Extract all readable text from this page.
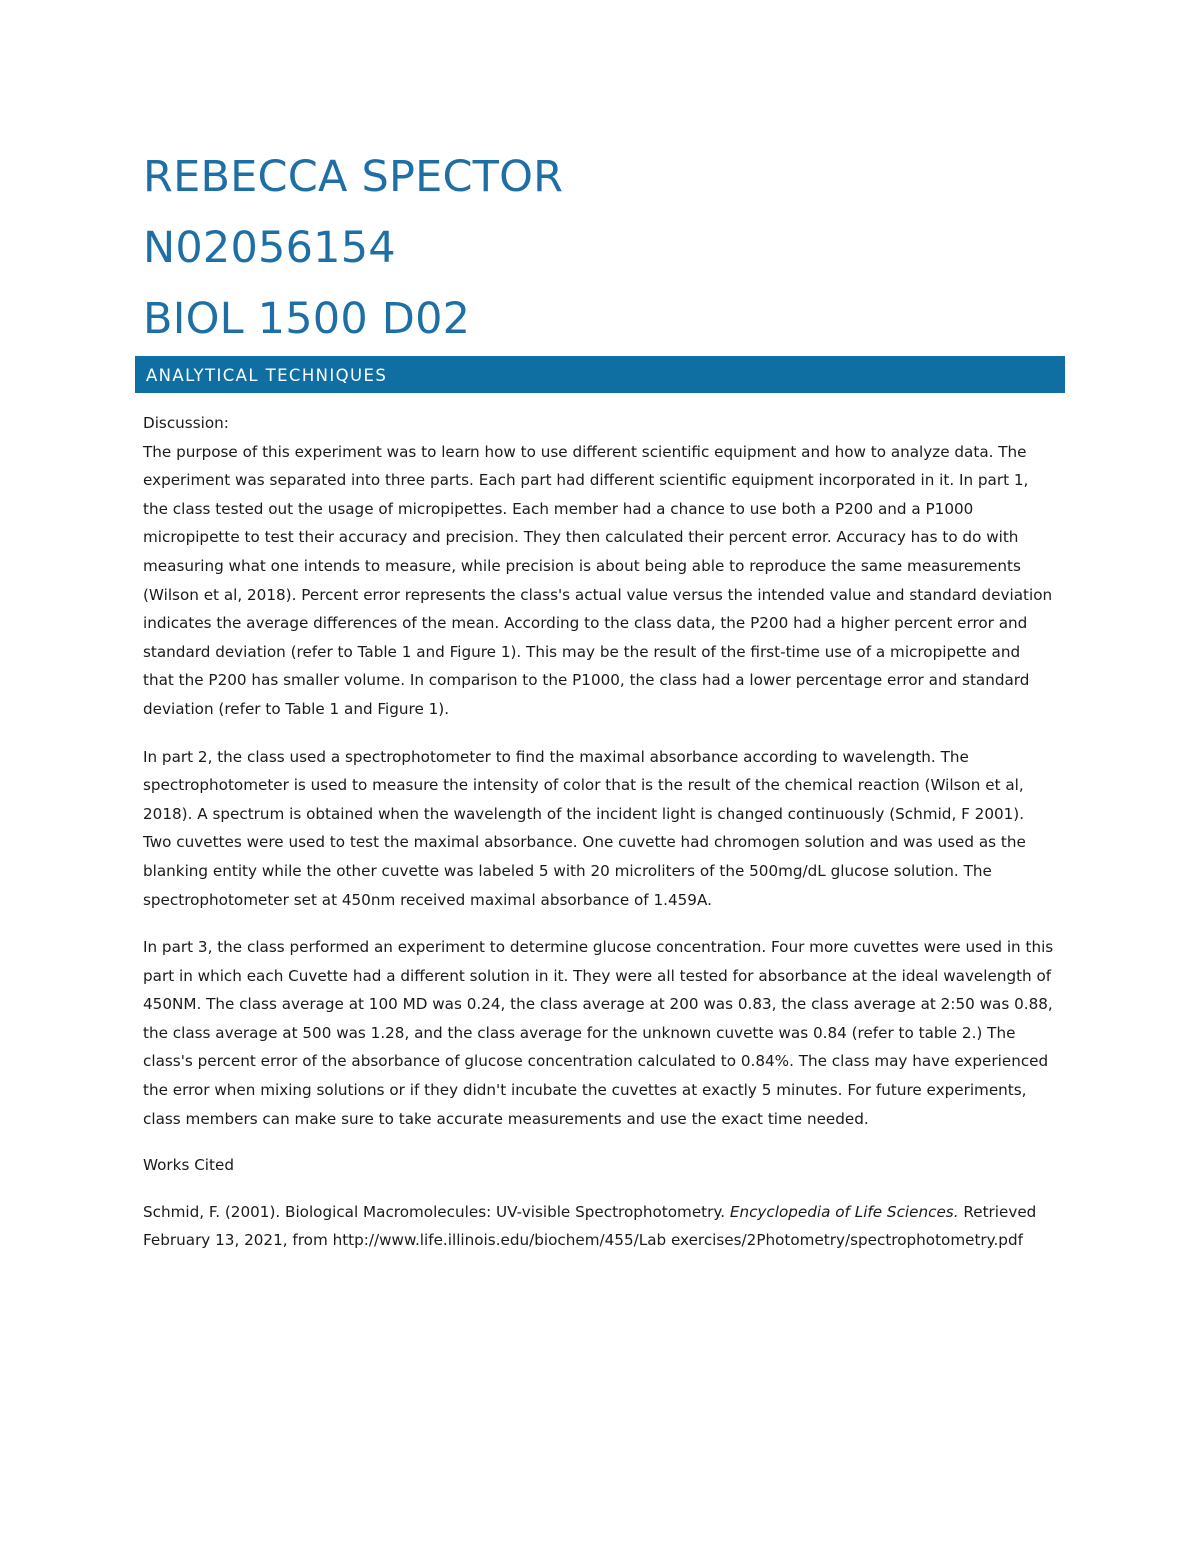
REBECCA SPECTOR
N02056154
BIOL 1500 D02
ANALYTICAL TECHNIQUES

Discussion:

The purpose of this experiment was to learn how to use different scientific equipment and how to analyze data. The experiment was separated into three parts. Each part had different scientific equipment incorporated in it. In part 1, the class tested out the usage of micropipettes. Each member had a chance to use both a P200 and a P1000 micropipette to test their accuracy and precision. They then calculated their percent error. Accuracy has to do with measuring what one intends to measure, while precision is about being able to reproduce the same measurements (Wilson et al, 2018). Percent error represents the class's actual value versus the intended value and standard deviation indicates the average differences of the mean. According to the class data, the P200 had a higher percent error and standard deviation (refer to Table 1 and Figure 1). This may be the result of the first-time use of a micropipette and that the P200 has smaller volume. In comparison to the P1000, the class had a lower percentage error and standard deviation (refer to Table 1 and Figure 1).

In part 2, the class used a spectrophotometer to find the maximal absorbance according to wavelength. The spectrophotometer is used to measure the intensity of color that is the result of the chemical reaction (Wilson et al, 2018). A spectrum is obtained when the wavelength of the incident light is changed continuously (Schmid, F 2001). Two cuvettes were used to test the maximal absorbance. One cuvette had chromogen solution and was used as the blanking entity while the other cuvette was labeled 5 with 20 microliters of the 500mg/dL glucose solution. The spectrophotometer set at 450nm received maximal absorbance of 1.459A.

In part 3, the class performed an experiment to determine glucose concentration. Four more cuvettes were used in this part in which each Cuvette had a different solution in it. They were all tested for absorbance at the ideal wavelength of 450NM. The class average at 100 MD was 0.24, the class average at 200 was 0.83, the class average at 2:50 was 0.88, the class average at 500 was 1.28, and the class average for the unknown cuvette was 0.84 (refer to table 2.) The class's percent error of the absorbance of glucose concentration calculated to 0.84%. The class may have experienced the error when mixing solutions or if they didn't incubate the cuvettes at exactly 5 minutes. For future experiments, class members can make sure to take accurate measurements and use the exact time needed.

Works Cited

Schmid, F. (2001). Biological Macromolecules: UV-visible Spectrophotometry. Encyclopedia of Life Sciences. Retrieved February 13, 2021, from http://www.life.illinois.edu/biochem/455/Lab exercises/2Photometry/spectrophotometry.pdf
